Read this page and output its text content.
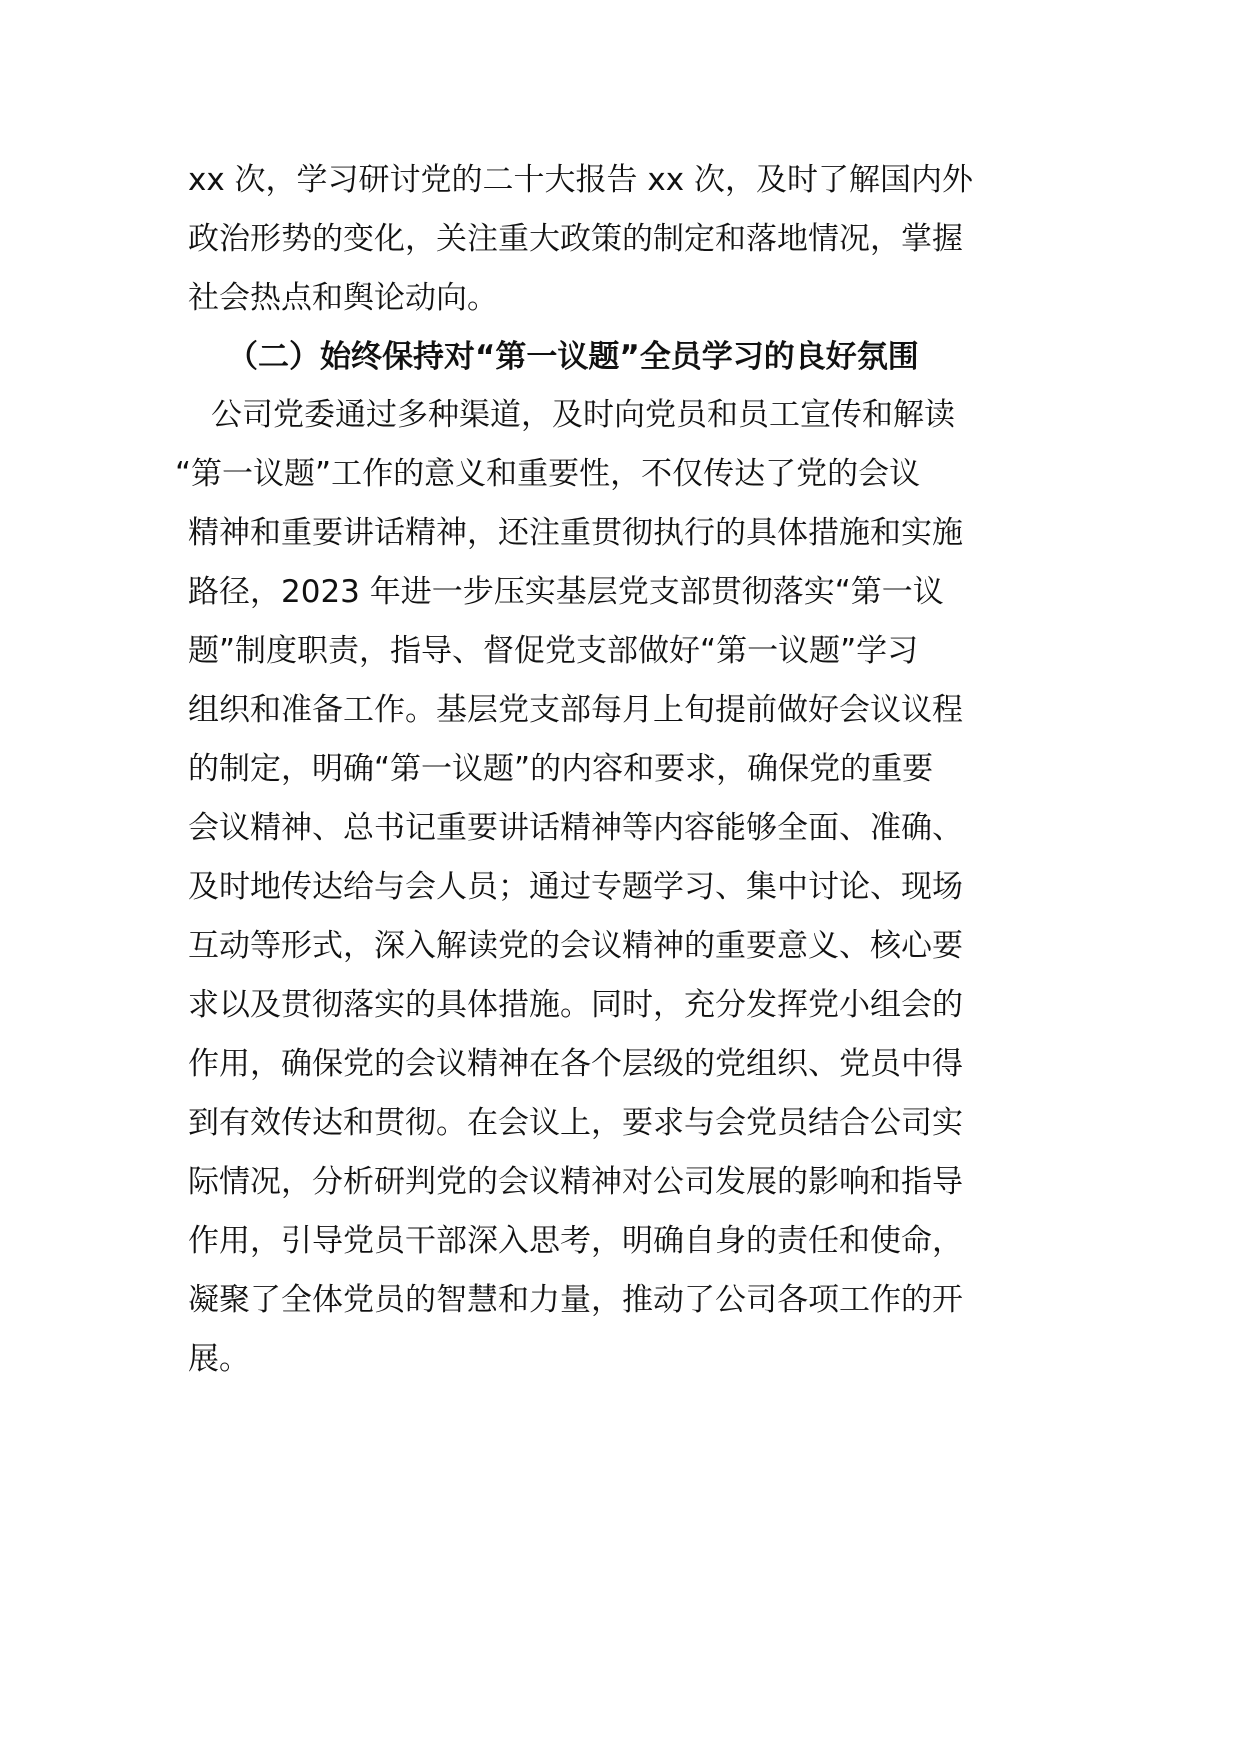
xx 次，学习研讨党的二十大报告 xx 次，及时了解国内外
政治形势的变化，关注重大政策的制定和落地情况，掌握
社会热点和舆论动向。
（二）始终保持对“第一议题”全员学习的良好氛围
公司党委通过多种渠道，及时向党员和员工宣传和解读
“第一议题”工作的意义和重要性，不仅传达了党的会议
精神和重要讲话精神，还注重贯彻执行的具体措施和实施
路径，2023 年进一步压实基层党支部贯彻落实“第一议
题”制度职责，指导、督促党支部做好“第一议题”学习
组织和准备工作。基层党支部每月上旬提前做好会议议程
的制定，明确“第一议题”的内容和要求，确保党的重要
会议精神、总书记重要讲话精神等内容能够全面、准确、
及时地传达给与会人员；通过专题学习、集中讨论、现场
互动等形式，深入解读党的会议精神的重要意义、核心要
求以及贯彻落实的具体措施。同时，充分发挥党小组会的
作用，确保党的会议精神在各个层级的党组织、党员中得
到有效传达和贯彻。在会议上，要求与会党员结合公司实
际情况，分析研判党的会议精神对公司发展的影响和指导
作用，引导党员干部深入思考，明确自身的责任和使命，
凝聚了全体党员的智慧和力量，推动了公司各项工作的开
展。
